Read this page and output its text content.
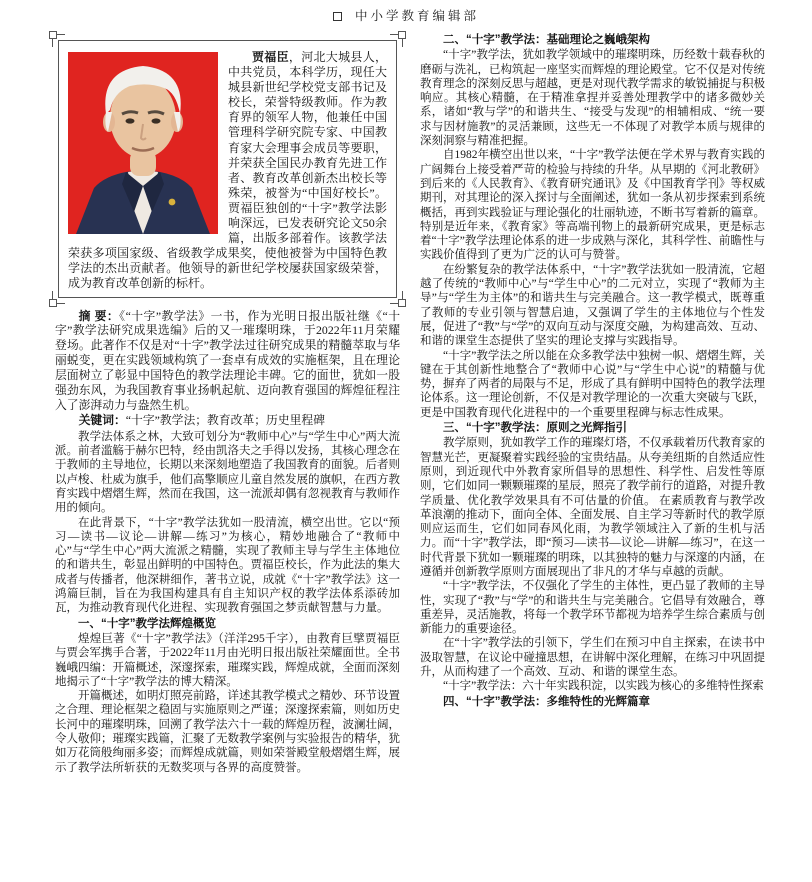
中小学教育编辑部

贾福臣，河北大城县人，中共党员，本科学历，现任大城县新世纪学校党支部书记及校长，荣誉特级教师。作为教育界的领军人物，他兼任中国管理科学研究院专家、中国教育家大会理事会成员等要职，并荣获全国民办教育先进工作者、教育改革创新杰出校长等殊荣，被誉为“中国好校长”。贾福臣独创的“十字”教学法影响深远，已发表研究论文50余篇，出版多部着作。该教学法荣获多项国家级、省级教学成果奖，使他被誉为中国特色教学法的杰出贡献者。他领导的新世纪学校屡获国家级荣誉，成为教育改革创新的标杆。

摘 要：《“十字”教学法》一书，作为光明日报出版社继《“十字”教学法研究成果选编》后的又一璀璨明珠，于2022年11月荣耀登场。此著作不仅是对“十字”教学法过往研究成果的精髓萃取与华丽蜕变，更在实践领域构筑了一套卓有成效的实施框架，且在理论层面树立了彰显中国特色的教学法理论丰碑。它的面世，犹如一股强劲东风，为我国教育事业扬帆起航、迈向教育强国的辉煌征程注入了澎湃动力与盎然生机。

关键词：“十字”教学法；教育改革；历史里程碑

教学法体系之林，大致可划分为“教师中心”与“学生中心”两大流派。前者滥觞于赫尔巴特，经由凯洛夫之手得以发扬，其核心理念在于教师的主导地位，长期以来深刻地塑造了我国教育的面貌。后者则以卢梭、杜威为旗手，他们高擎顺应儿童自然发展的旗帜，在西方教育实践中熠熠生辉，然而在我国，这一流派却偶有忽视教育与教师作用的倾向。

在此背景下，“十字”教学法犹如一股清流，横空出世。它以“预习—读书—议论—讲解—练习”为核心，精妙地融合了“教师中心”与“学生中心”两大流派之精髓，实现了教师主导与学生主体地位的和谐共生，彰显出鲜明的中国特色。贾福臣校长，作为此法的集大成者与传播者，他深耕细作，著书立说，成就《“十字”教学法》这一鸿篇巨制，旨在为我国构建具有自主知识产权的教学法体系添砖加瓦，为推动教育现代化进程、实现教育强国之梦贡献智慧与力量。

一、“十字”教学法辉煌概览

煌煌巨著《“十字”教学法》（洋洋295千字），由教育巨擘贾福臣与贾会军携手合著，于2022年11月由光明日报出版社荣耀面世。全书巍峨四编：开篇概述，深邃探索，璀璨实践，辉煌成就，全面而深刻地揭示了“十字”教学法的博大精深。

开篇概述，如明灯照亮前路，详述其教学模式之精妙、环节设置之合理、理论框架之稳固与实施原则之严谨；深邃探索篇，则如历史长河中的璀璨明珠，回溯了教学法六十一载的辉煌历程，波澜壮阔，令人敬仰；璀璨实践篇，汇聚了无数教学案例与实验报告的精华，犹如万花筒般绚丽多姿；而辉煌成就篇，则如荣誉殿堂般熠熠生辉，展示了教学法所斩获的无数奖项与各界的高度赞誉。

二、“十字”教学法：基础理论之巍峨架构

“十字”教学法，犹如教学领域中的璀璨明珠，历经数十载春秋的磨砺与洗礼，已构筑起一座坚实而辉煌的理论殿堂。它不仅是对传统教育理念的深刻反思与超越，更是对现代教学需求的敏锐捕捉与积极响应。其核心精髓，在于精准拿捏并妥善处理教学中的诸多微妙关系，诸如“教与学”的和谐共生、“接受与发现”的相辅相成、“统一要求与因材施教”的灵活兼顾，这些无一不体现了对教学本质与规律的深刻洞察与精准把握。

自1982年横空出世以来，“十字”教学法便在学术界与教育实践的广阔舞台上接受着严苛的检验与持续的升华。从早期的《河北教研》到后来的《人民教育》、《教育研究通讯》及《中国教育学刊》等权威期刊，对其理论的深入探讨与全面阐述，犹如一条从初步探索到系统概括，再到实践验证与理论强化的壮丽轨迹，不断书写着新的篇章。特别是近年来，《教育家》等高端刊物上的最新研究成果，更是标志着“十字”教学法理论体系的进一步成熟与深化，其科学性、前瞻性与实践价值得到了更为广泛的认可与赞誉。

在纷繁复杂的教学法体系中，“十字”教学法犹如一股清流，它超越了传统的“教师中心”与“学生中心”的二元对立，实现了“教师为主导”与“学生为主体”的和谐共生与完美融合。这一教学模式，既尊重了教师的专业引领与智慧启迪，又强调了学生的主体地位与个性发展，促进了“教”与“学”的双向互动与深度交融，为构建高效、互动、和谐的课堂生态提供了坚实的理论支撑与实践指导。

“十字”教学法之所以能在众多教学法中独树一帜、熠熠生辉，关键在于其创新性地整合了“教师中心说”与“学生中心说”的精髓与优势，摒弃了两者的局限与不足，形成了具有鲜明中国特色的教学法理论体系。这一理论创新，不仅是对教学理论的一次重大突破与飞跃，更是中国教育现代化进程中的一个重要里程碑与标志性成果。

三、“十字”教学法：原则之光辉指引

教学原则，犹如教学工作的璀璨灯塔，不仅承载着历代教育家的智慧光芒，更凝聚着实践经验的宝贵结晶。从夸美纽斯的自然适应性原则，到近现代中外教育家所倡导的思想性、科学性、启发性等原则，它们如同一颗颗璀璨的星辰，照亮了教学前行的道路，对提升教学质量、优化教学效果具有不可估量的价值。 在素质教育与教学改革浪潮的推动下，面向全体、全面发展、自主学习等新时代的教学原则应运而生，它们如同春风化雨，为教学领域注入了新的生机与活力。而“十字”教学法，即“预习—读书—议论—讲解—练习”，在这一时代背景下犹如一颗璀璨的明珠，以其独特的魅力与深邃的内涵，在遵循并创新教学原则方面展现出了非凡的才华与卓越的贡献。

“十字”教学法，不仅强化了学生的主体性，更凸显了教师的主导性，实现了“教”与“学”的和谐共生与完美融合。它倡导有效融合，尊重差异，灵活施教，将每一个教学环节都视为培养学生综合素质与创新能力的重要途径。

在“十字”教学法的引领下，学生们在预习中自主探索，在读书中汲取智慧，在议论中碰撞思想，在讲解中深化理解，在练习中巩固提升，从而构建了一个高效、互动、和谐的课堂生态。

“十字”教学法：六十年实践积淀，以实践为核心的多维特性探索

四、“十字”教学法：多维特性的光辉篇章
